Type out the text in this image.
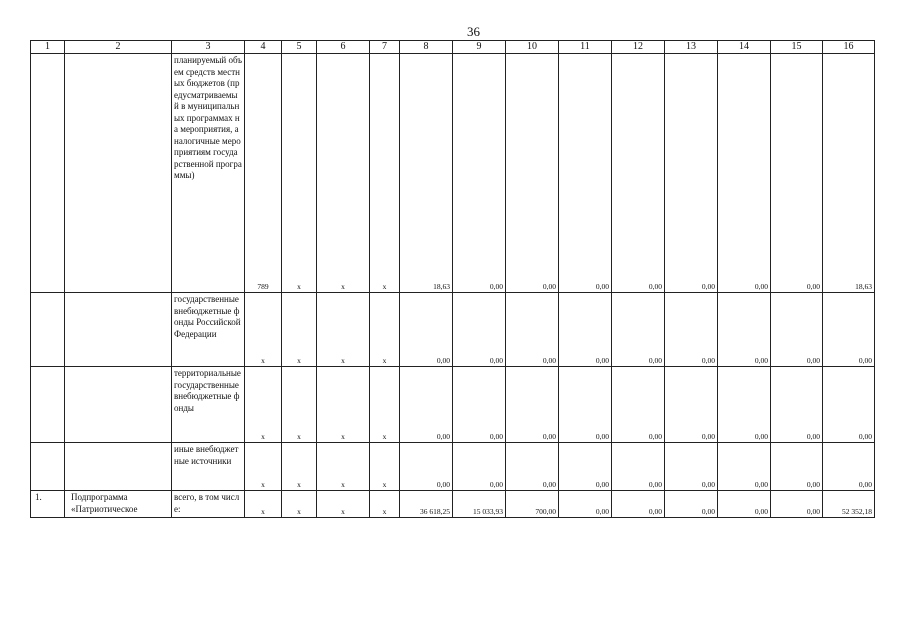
36
1	2	3	4	5	6	7	8	9	10	11	12	13	14	15	16
		планируемый объем средств местных бюджетов (предусматриваемый в муниципальных программах на мероприятия, аналогичные мероприятиям государственной программы)	789	х	х	х	18,63	0,00	0,00	0,00	0,00	0,00	0,00	0,00	18,63
		государственные внебюджетные фонды Российской Федерации	х	х	х	х	0,00	0,00	0,00	0,00	0,00	0,00	0,00	0,00	0,00
		территориальные государственные внебюджетные фонды	х	х	х	х	0,00	0,00	0,00	0,00	0,00	0,00	0,00	0,00	0,00
		иные внебюджетные источники	х	х	х	х	0,00	0,00	0,00	0,00	0,00	0,00	0,00	0,00	0,00
1.	Подпрограмма «Патриотическое	всего, в том числе:	х	х	х	х	36 618,25	15 033,93	700,00	0,00	0,00	0,00	0,00	0,00	52 352,18
